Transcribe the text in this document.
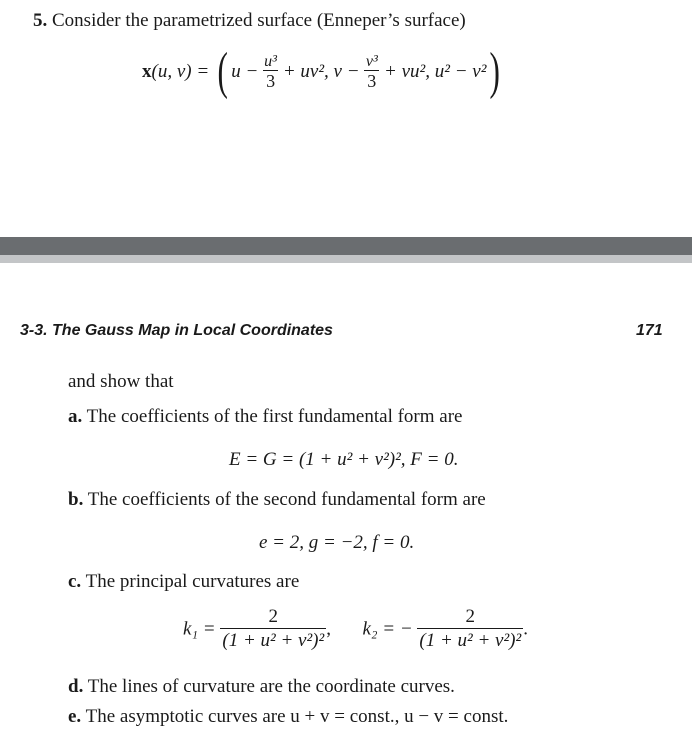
5. Consider the parametrized surface (Enneper’s surface)
x(u, v) = ( $u - \frac{\text{u³}}{3} + uv^2$, $v - \frac{\text{v³}}{3} + vu^2$, u² − v²)
3-3. The Gauss Map in Local Coordinates	171
and show that
a. The coefficients of the first fundamental form are
E = G = (1 + u² + v²)², F = 0.
b. The coefficients of the second fundamental form are
e = 2, g = −2, f = 0.
c. The principal curvatures are
$k_1 = \frac{2}{\text{(1 + u² + v²)²}}$ , k₂ = − $\frac{2}{\text{(1 + u² + v²)²}}$ .
d. The lines of curvature are the coordinate curves.
e. The asymptotic curves are u + v = const., u − v = const.
